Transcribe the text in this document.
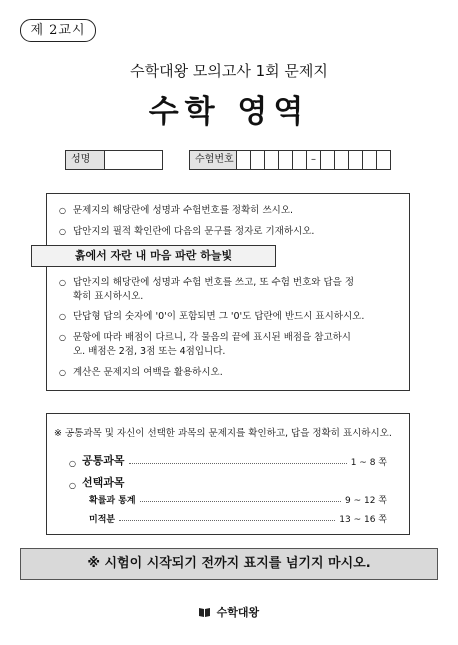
제 2교시
수학대왕 모의고사 1회 문제지
수학 영역
성명	수험번호	–
○ 문제지의 해당란에 성명과 수험번호를 정확히 쓰시오.
○ 답안지의 필적 확인란에 다음의 문구를 정자로 기재하시오.
○ 답안지의 해당란에 성명과 수험 번호를 쓰고, 또 수험 번호와 답을 정확히 표시하시오.
○ 단답형 답의 숫자에 '0'이 포함되면 그 '0'도 답란에 반드시 표시하시오.
○ 문항에 따라 배점이 다르니, 각 물음의 끝에 표시된 배점을 참고하시오. 배점은 2점, 3점 또는 4점입니다.
○ 계산은 문제지의 여백을 활용하시오.
흙에서 자란 내 마음 파란 하늘빛
※ 공통과목 및 자신이 선택한 과목의 문제지를 확인하고, 답을 정확히 표시하시오.
○ 공통과목	1 ~ 8 쪽
○ 선택과목
확률과 통계	9 ~ 12 쪽
미적분	13 ~ 16 쪽
※ 시험이 시작되기 전까지 표지를 넘기지 마시오.
수학대왕
